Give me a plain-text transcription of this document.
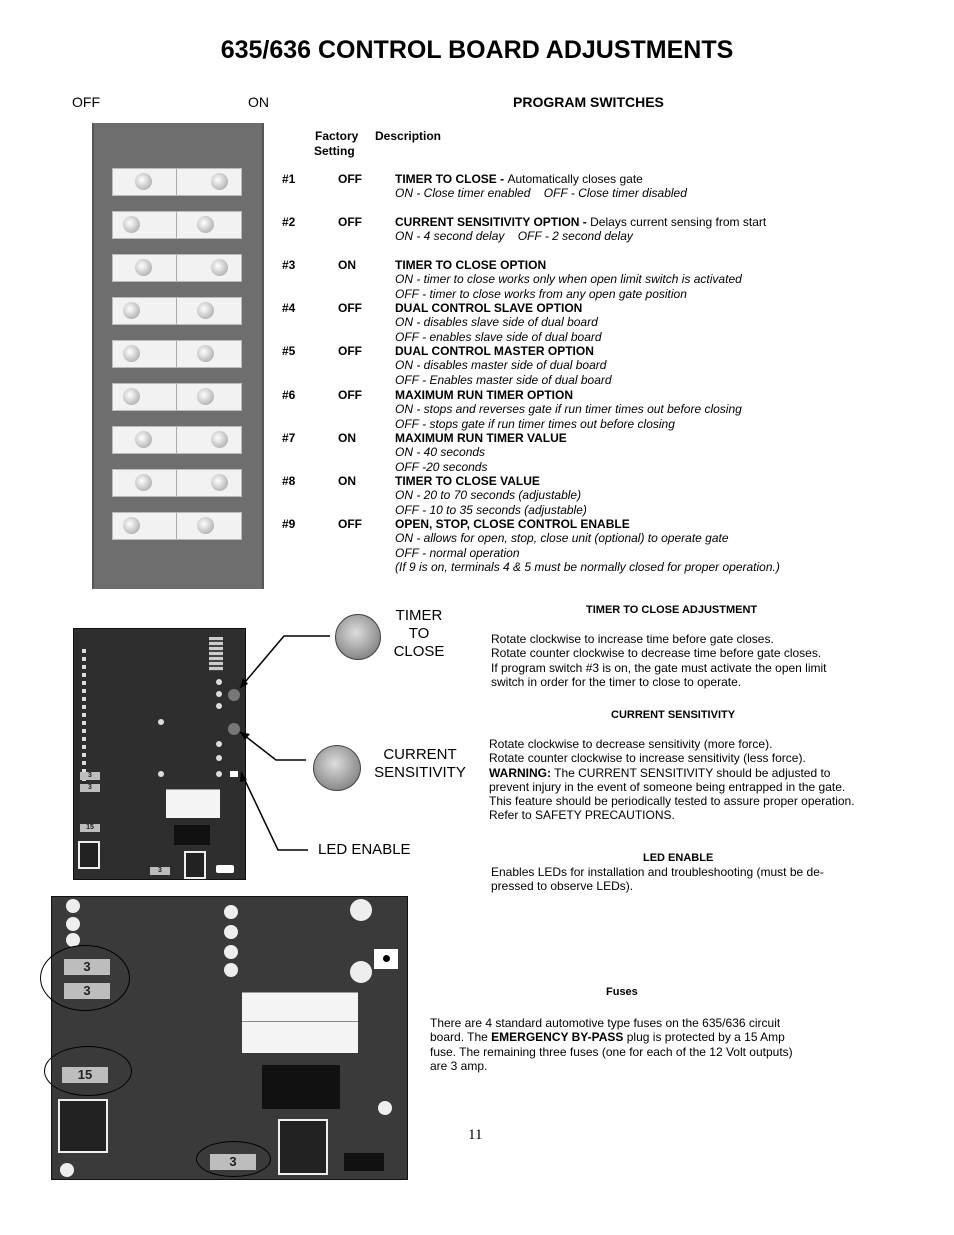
635/636 CONTROL BOARD ADJUSTMENTS
OFF	ON	PROGRAM SWITCHES
Factory
Setting
Description
#1	OFF	TIMER TO CLOSE - Automatically closes gate
ON - Close timer enabled    OFF - Close timer disabled
#2	OFF	CURRENT SENSITIVITY OPTION - Delays current sensing from start
ON - 4 second delay    OFF - 2 second delay
#3	ON	TIMER TO CLOSE OPTION
ON - timer to close works only when open limit switch is activated
OFF - timer to close works from any open gate position
#4	OFF	DUAL CONTROL SLAVE OPTION
ON - disables slave side of dual board
OFF - enables slave side of dual board
#5	OFF	DUAL CONTROL MASTER OPTION
ON - disables master side of dual board
OFF - Enables master side of dual board
#6	OFF	MAXIMUM RUN TIMER OPTION
ON - stops and reverses gate if run timer times out before closing
OFF - stops gate if run timer times out before closing
#7	ON	MAXIMUM RUN TIMER VALUE
ON - 40 seconds
OFF -20 seconds
#8	ON	TIMER TO CLOSE VALUE
ON - 20 to 70 seconds (adjustable)
OFF - 10 to 35 seconds (adjustable)
#9	OFF	OPEN, STOP, CLOSE CONTROL ENABLE
ON - allows for open, stop, close unit (optional) to operate gate
OFF - normal operation
(If 9 is on, terminals 4 & 5 must be normally closed for proper operation.)
3
3
15
3
TIMER
TO
CLOSE
CURRENT
SENSITIVITY
LED ENABLE
TIMER TO CLOSE ADJUSTMENT
Rotate clockwise to increase time before gate closes.
Rotate counter clockwise to decrease time before gate closes.
If program switch #3 is on, the gate must activate the open limit
switch in order for the timer to close to operate.
CURRENT SENSITIVITY
Rotate clockwise to decrease sensitivity (more force).
Rotate counter clockwise to increase sensitivity (less force).
WARNING: The CURRENT SENSITIVITY should be adjusted to
prevent injury in the event of someone being entrapped in the gate.
This feature should be periodically tested to assure proper operation.
Refer to SAFETY PRECAUTIONS.
LED ENABLE
Enables LEDs for installation and troubleshooting (must be de-
pressed to observe LEDs).
3
3
15
3
Fuses
There are 4 standard automotive type fuses on the 635/636 circuit
board. The EMERGENCY BY-PASS plug is protected by a 15 Amp
fuse. The remaining three fuses (one for each of the 12 Volt outputs)
are 3 amp.
11
